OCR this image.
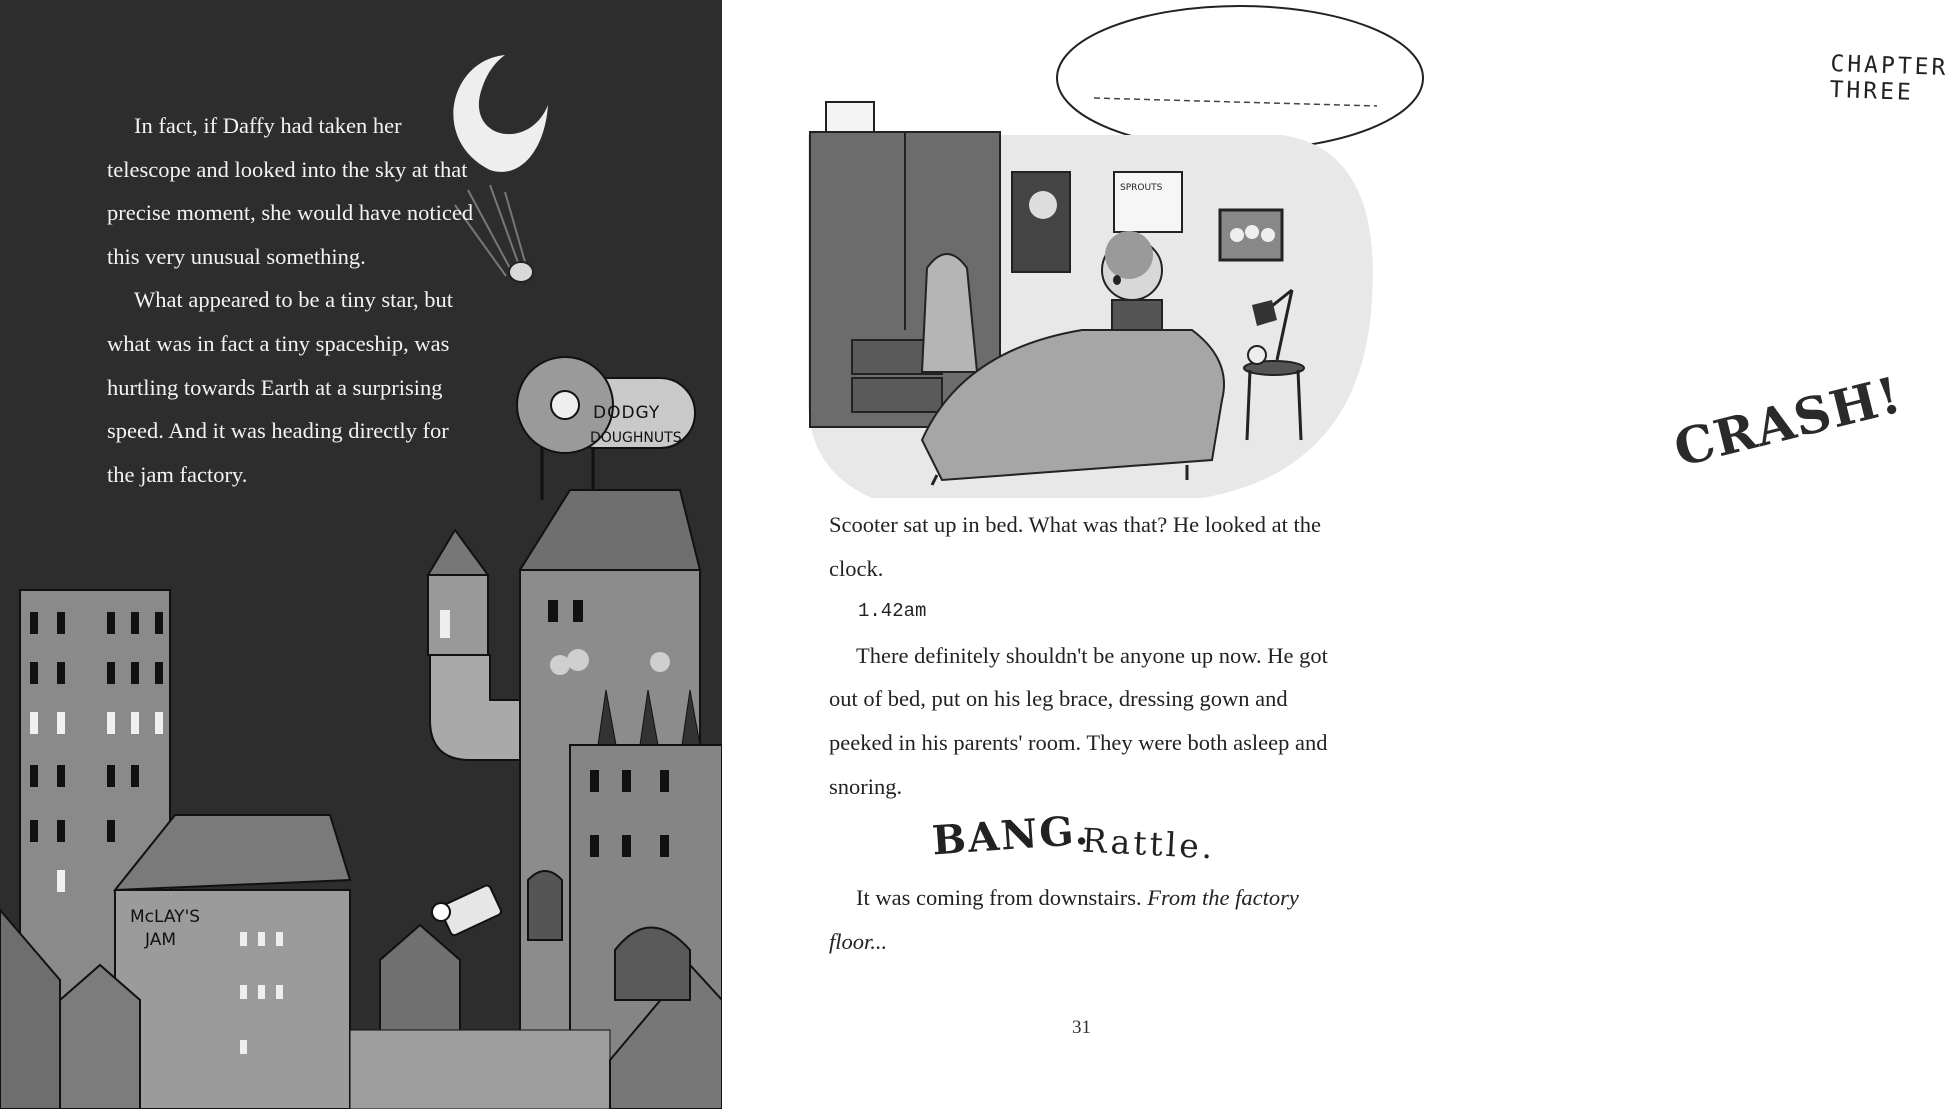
DODGY
DOUGHNUTS
McLAY'S
JAM

In fact, if Daffy had taken her telescope and looked into the sky at that precise moment, she would have noticed this very unusual something.

What appeared to be a tiny star, but what was in fact a tiny spaceship, was hurtling towards Earth at a surprising speed. And it was heading directly for the jam factory.

SPROUTS
CHAPTER THREE
CRASH!

Scooter sat up in bed. What was that? He looked at the clock.

1.42am

There definitely shouldn't be anyone up now. He got out of bed, put on his leg brace, dressing gown and peeked in his parents' room. They were both asleep and snoring.

BANG.
Rattle.

It was coming from downstairs. From the factory floor...

31
